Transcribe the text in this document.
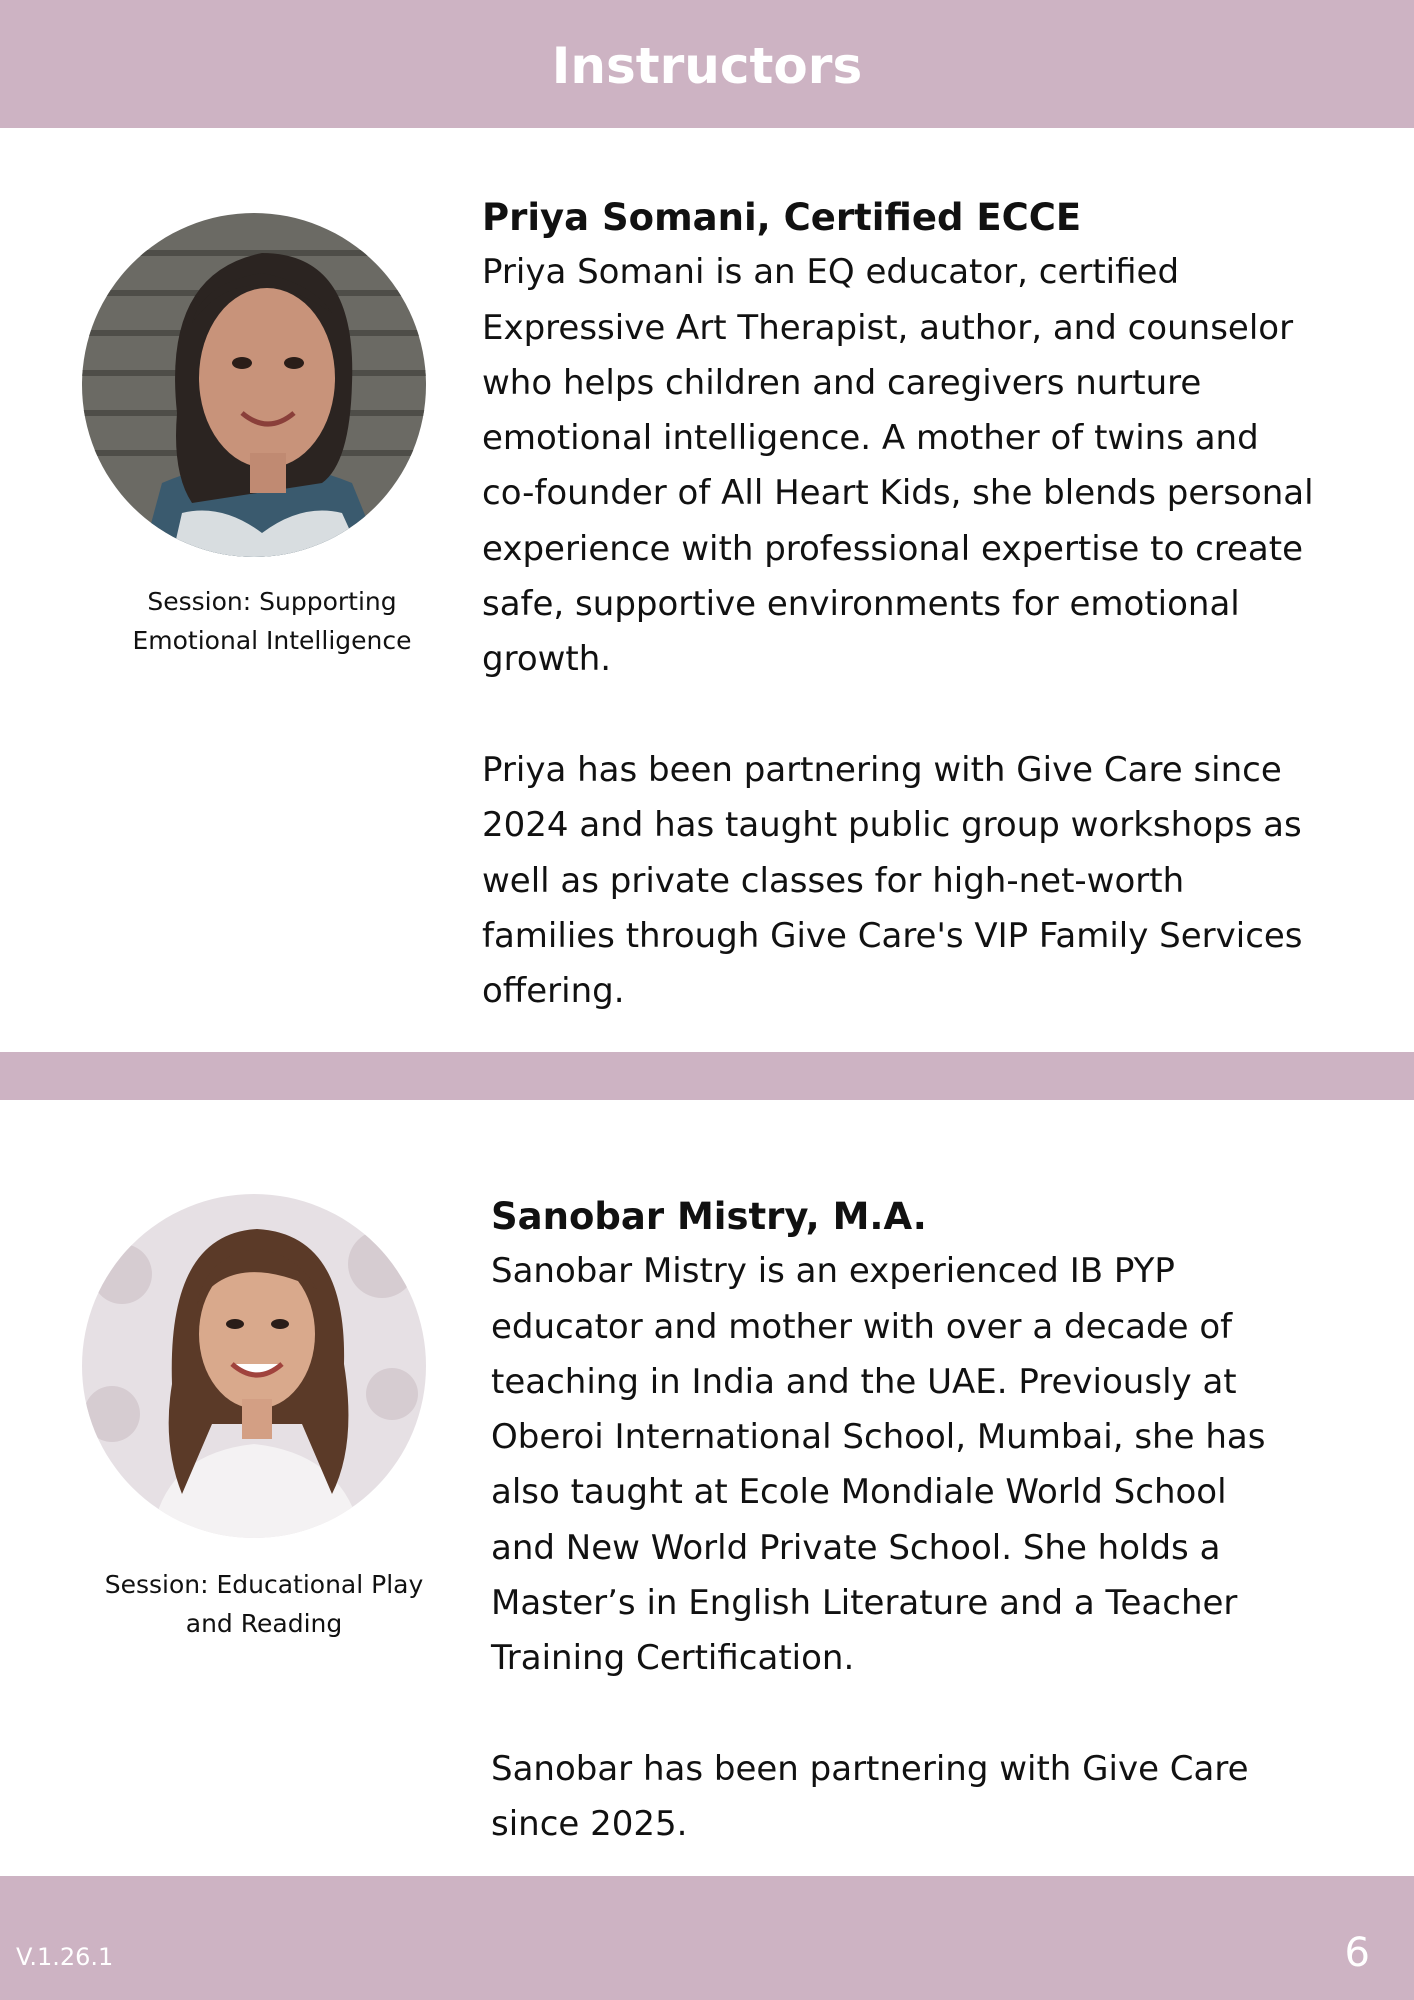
Instructors
Session: Supporting
Emotional Intelligence
Priya Somani, Certified ECCE
Priya Somani is an EQ educator, certified
Expressive Art Therapist, author, and counselor
who helps children and caregivers nurture
emotional intelligence. A mother of twins and
co-founder of All Heart Kids, she blends personal
experience with professional expertise to create
safe, supportive environments for emotional
growth.
Priya has been partnering with Give Care since
2024 and has taught public group workshops as
well as private classes for high-net-worth
families through Give Care's VIP Family Services
offering.
Session: Educational Play
and Reading
Sanobar Mistry, M.A.
Sanobar Mistry is an experienced IB PYP
educator and mother with over a decade of
teaching in India and the UAE. Previously at
Oberoi International School, Mumbai, she has
also taught at Ecole Mondiale World School
and New World Private School. She holds a
Master’s in English Literature and a Teacher
Training Certification.
Sanobar has been partnering with Give Care
since 2025.
V.1.26.1	6
